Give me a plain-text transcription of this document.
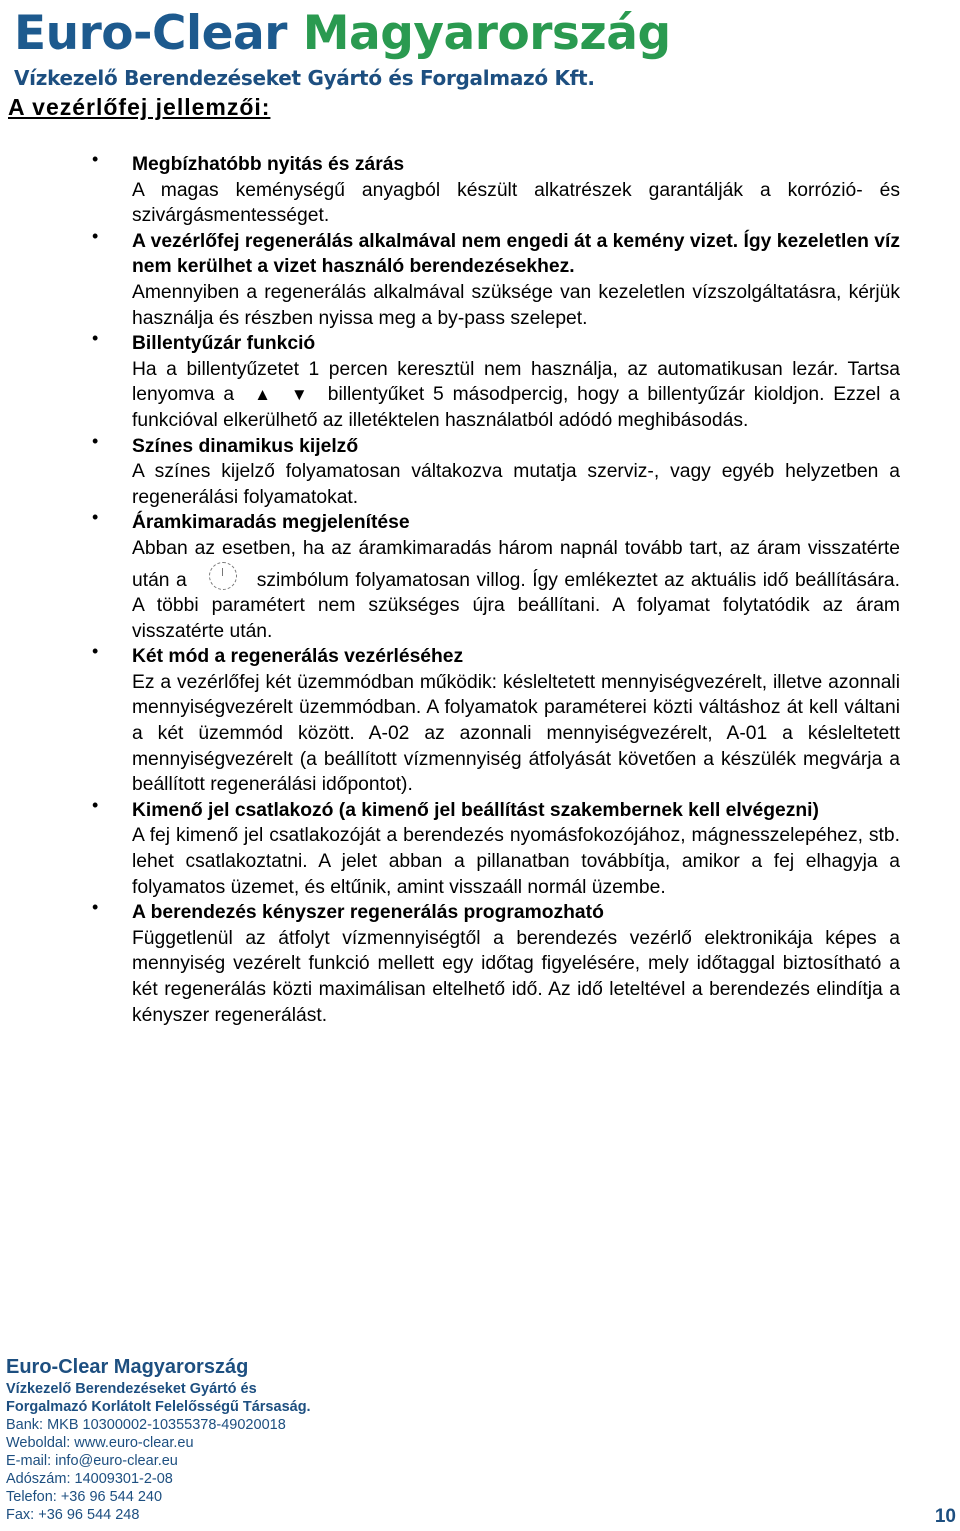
Euro-Clear Magyarország
Vízkezelő Berendezéseket Gyártó és Forgalmazó Kft.
A vezérlőfej jellemzői:
• Megbízhatóbb nyitás és zárás
A magas keménységű anyagból készült alkatrészek garantálják a korrózió- és szivárgásmentességet.
• A vezérlőfej regenerálás alkalmával nem engedi át a kemény vizet. Így kezeletlen víz nem kerülhet a vizet használó berendezésekhez.
Amennyiben a regenerálás alkalmával szüksége van kezeletlen vízszolgáltatásra, kérjük használja és részben nyissa meg a by-pass szelepet.
• Billentyűzár funkció
Ha a billentyűzetet 1 percen keresztül nem használja, az automatikusan lezár. Tartsa lenyomva a ▲ ▼ billentyűket 5 másodpercig, hogy a billentyűzár kioldjon. Ezzel a funkcióval elkerülhető az illetéktelen használatból adódó meghibásodás.
• Színes dinamikus kijelző
A színes kijelző folyamatosan váltakozva mutatja szerviz-, vagy egyéb helyzetben a regenerálási folyamatokat.
• Áramkimaradás megjelenítése
Abban az esetben, ha az áramkimaradás három napnál tovább tart, az áram visszatérte után a	szimbólum folyamatosan villog. Így emlékeztet az aktuális idő beállítására. A többi paramétert nem szükséges újra beállítani. A folyamat folytatódik az áram visszatérte után.
• Két mód a regenerálás vezérléséhez
Ez a vezérlőfej két üzemmódban működik: késleltetett mennyiségvezérelt, illetve azonnali mennyiségvezérelt üzemmódban. A folyamatok paraméterei közti váltáshoz át kell váltani a két üzemmód között. A-02 az azonnali mennyiségvezérelt, A-01 a késleltetett mennyiségvezérelt (a beállított vízmennyiség átfolyását követően a készülék megvárja a beállított regenerálási időpontot).
• Kimenő jel csatlakozó (a kimenő jel beállítást szakembernek kell elvégezni)
A fej kimenő jel csatlakozóját a berendezés nyomásfokozójához, mágnesszelepéhez, stb. lehet csatlakoztatni. A jelet abban a pillanatban továbbítja, amikor a fej elhagyja a folyamatos üzemet, és eltűnik, amint visszaáll normál üzembe.
• A berendezés kényszer regenerálás programozható
Függetlenül az átfolyt vízmennyiségtől a berendezés vezérlő elektronikája képes a mennyiség vezérelt funkció mellett egy időtag figyelésére, mely időtaggal biztosítható a két regenerálás közti maximálisan eltelhető idő. Az idő leteltével a berendezés elindítja a kényszer regenerálást.
Euro-Clear Magyarország
Vízkezelő Berendezéseket Gyártó és
Forgalmazó Korlátolt Felelősségű Társaság.
Bank: MKB 10300002-10355378-49020018
Weboldal: www.euro-clear.eu
E-mail: info@euro-clear.eu
Adószám: 14009301-2-08
Telefon: +36 96 544 240
Fax: +36 96 544 248	10
